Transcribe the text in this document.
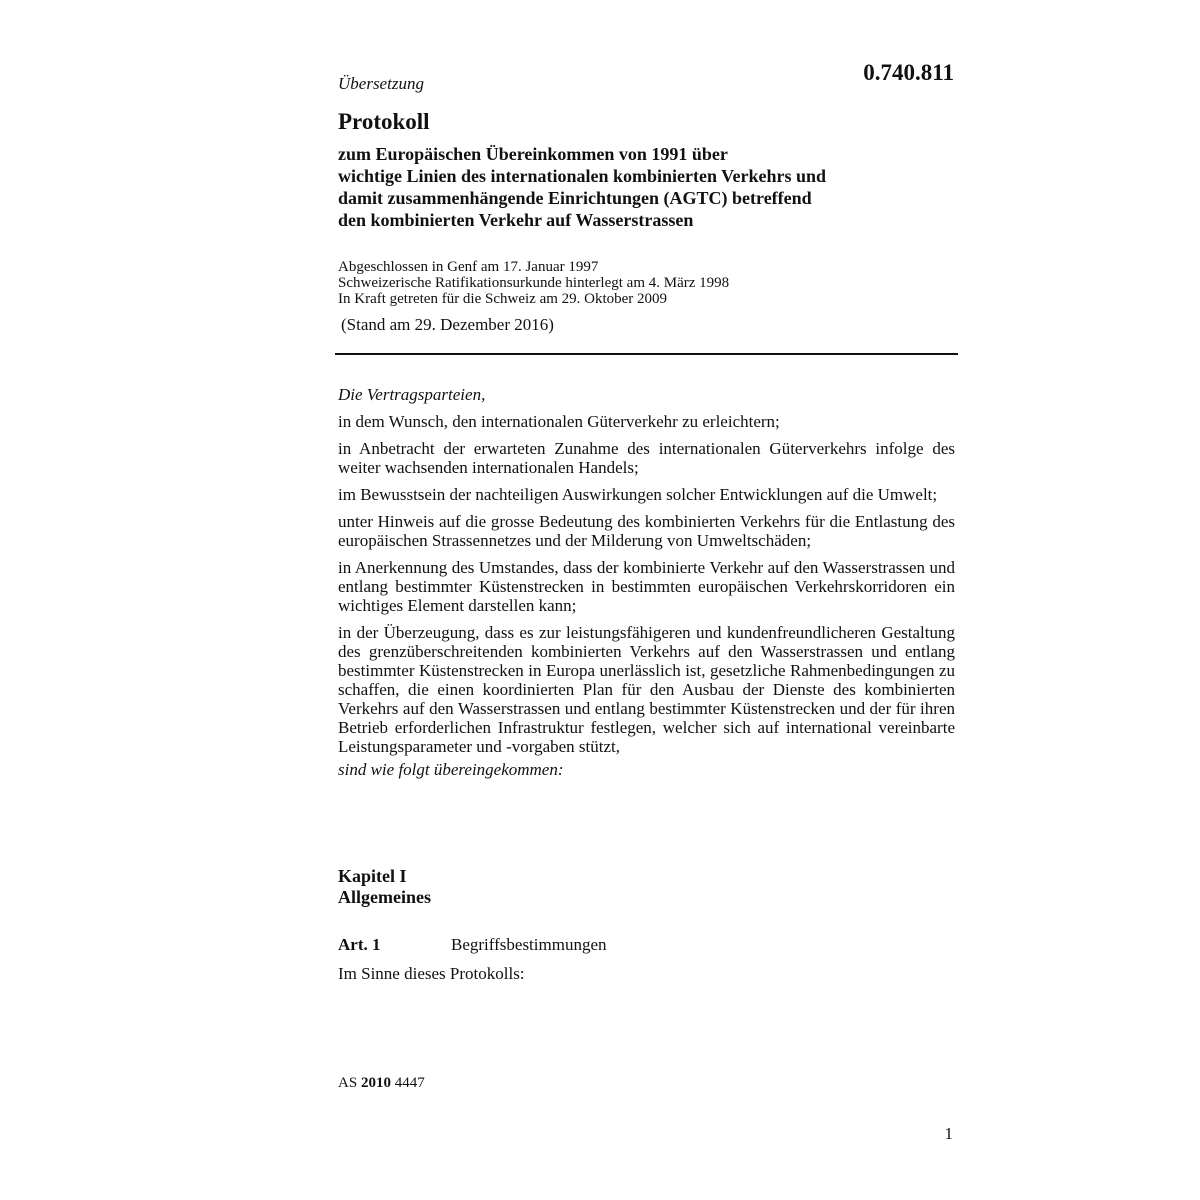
Übersetzung	0.740.811
Protokoll
zum Europäischen Übereinkommen von 1991 über
wichtige Linien des internationalen kombinierten Verkehrs und
damit zusammenhängende Einrichtungen (AGTC) betreffend
den kombinierten Verkehr auf Wasserstrassen
Abgeschlossen in Genf am 17. Januar 1997
Schweizerische Ratifikationsurkunde hinterlegt am 4. März 1998
In Kraft getreten für die Schweiz am 29. Oktober 2009
(Stand am 29. Dezember 2016)

Die Vertragsparteien,

in dem Wunsch, den internationalen Güterverkehr zu erleichtern;

in Anbetracht der erwarteten Zunahme des internationalen Güterverkehrs infolge des weiter wachsenden internationalen Handels;

im Bewusstsein der nachteiligen Auswirkungen solcher Entwicklungen auf die Umwelt;

unter Hinweis auf die grosse Bedeutung des kombinierten Verkehrs für die Entlastung des europäischen Strassennetzes und der Milderung von Umweltschäden;

in Anerkennung des Umstandes, dass der kombinierte Verkehr auf den Wasserstrassen und entlang bestimmter Küstenstrecken in bestimmten europäischen Verkehrskorridoren ein wichtiges Element darstellen kann;

in der Überzeugung, dass es zur leistungsfähigeren und kundenfreundlicheren Gestaltung des grenzüberschreitenden kombinierten Verkehrs auf den Wasserstrassen und entlang bestimmter Küstenstrecken in Europa unerlässlich ist, gesetzliche Rahmenbedingungen zu schaffen, die einen koordinierten Plan für den Ausbau der Dienste des kombinierten Verkehrs auf den Wasserstrassen und entlang bestimmter Küstenstrecken und der für ihren Betrieb erforderlichen Infrastruktur festlegen, welcher sich auf international vereinbarte Leistungsparameter und -vorgaben stützt,

sind wie folgt übereingekommen:

Kapitel I
Allgemeines
Art. 1	Begriffsbestimmungen
Im Sinne dieses Protokolls:
AS 2010 4447
1
